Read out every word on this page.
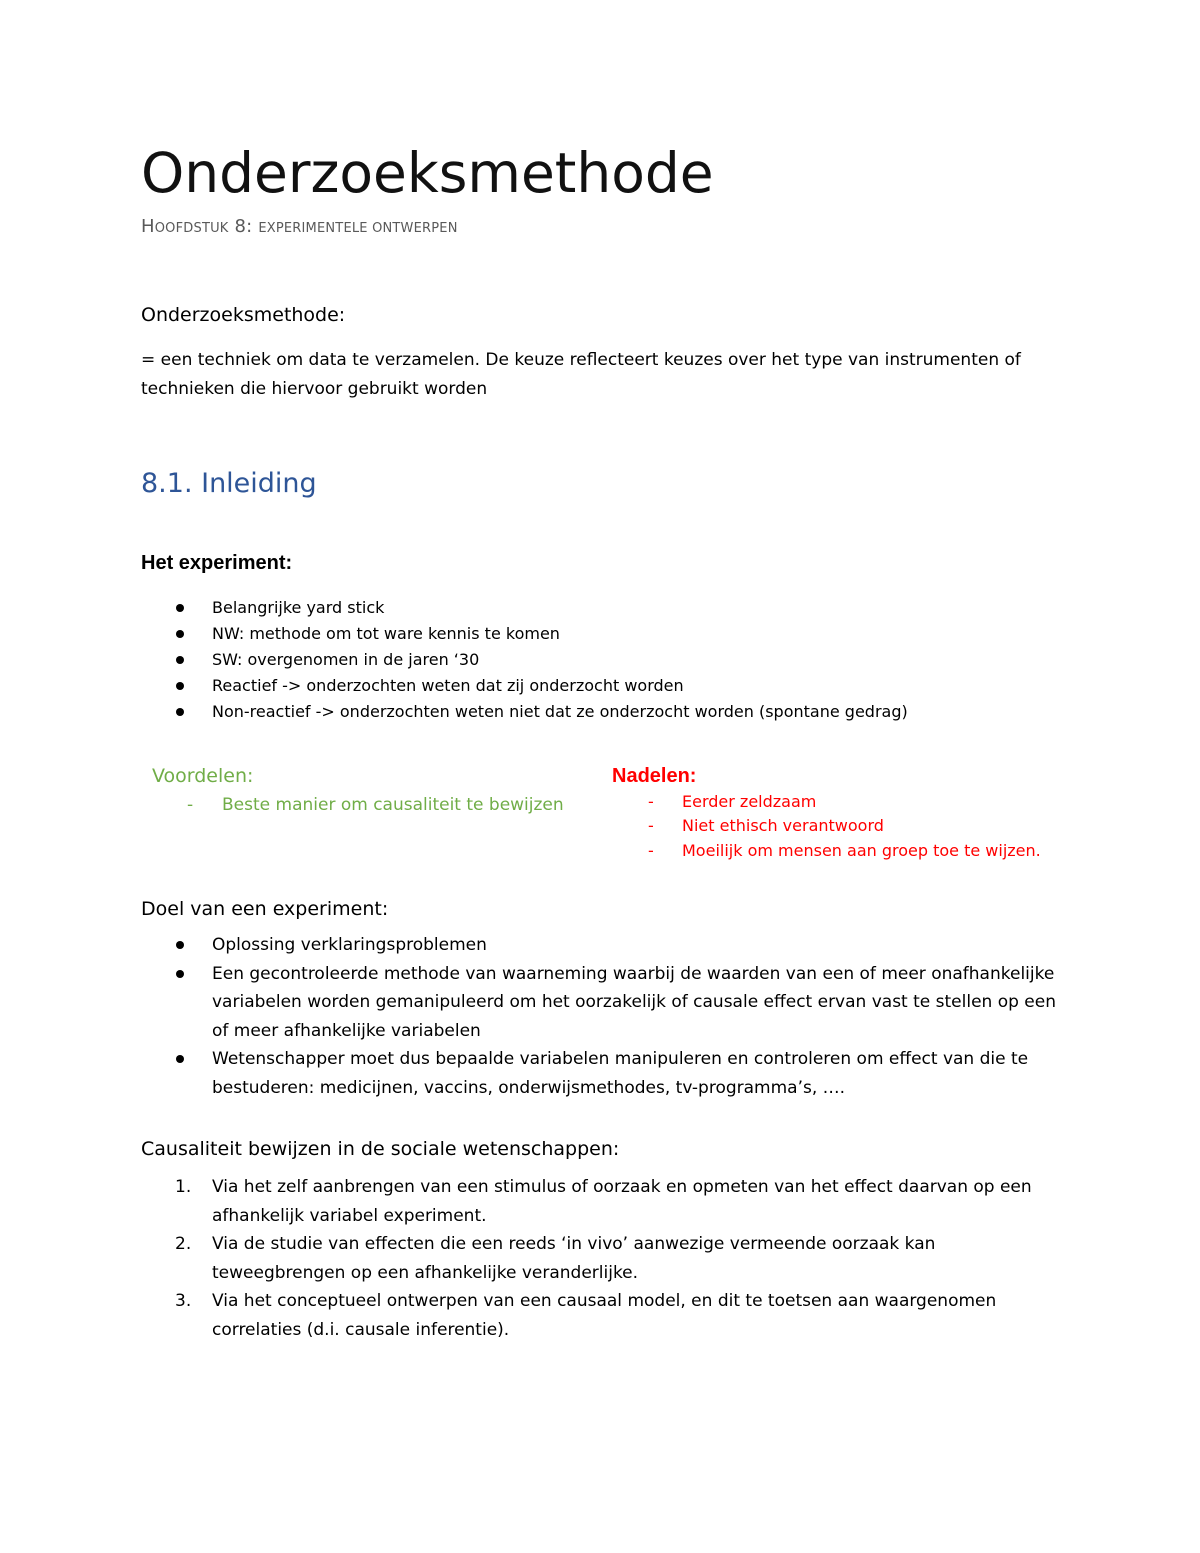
Onderzoeksmethode
HOOFDSTUK 8: EXPERIMENTELE ONTWERPEN
Onderzoeksmethode:
= een techniek om data te verzamelen. De keuze reflecteert keuzes over het type van instrumenten of
technieken die hiervoor gebruikt worden
8.1. Inleiding
Het experiment:
Belangrijke yard stick
NW: methode om tot ware kennis te komen
SW: overgenomen in de jaren ‘30
Reactief -> onderzochten weten dat zij onderzocht worden
Non-reactief -> onderzochten weten niet dat ze onderzocht worden (spontane gedrag)
Voordelen:
- Beste manier om causaliteit te bewijzen
Nadelen:
- Eerder zeldzaam
- Niet ethisch verantwoord
- Moeilijk om mensen aan groep toe te wijzen.
Doel van een experiment:
Oplossing verklaringsproblemen
Een gecontroleerde methode van waarneming waarbij de waarden van een of meer onafhankelijke variabelen worden gemanipuleerd om het oorzakelijk of causale effect ervan vast te stellen op een of meer afhankelijke variabelen
Wetenschapper moet dus bepaalde variabelen manipuleren en controleren om effect van die te bestuderen: medicijnen, vaccins, onderwijsmethodes, tv-programma’s, ….
Causaliteit bewijzen in de sociale wetenschappen:
1. Via het zelf aanbrengen van een stimulus of oorzaak en opmeten van het effect daarvan op een afhankelijk variabel experiment.
2. Via de studie van effecten die een reeds ‘in vivo’ aanwezige vermeende oorzaak kan teweegbrengen op een afhankelijke veranderlijke.
3. Via het conceptueel ontwerpen van een causaal model, en dit te toetsen aan waargenomen correlaties (d.i. causale inferentie).
